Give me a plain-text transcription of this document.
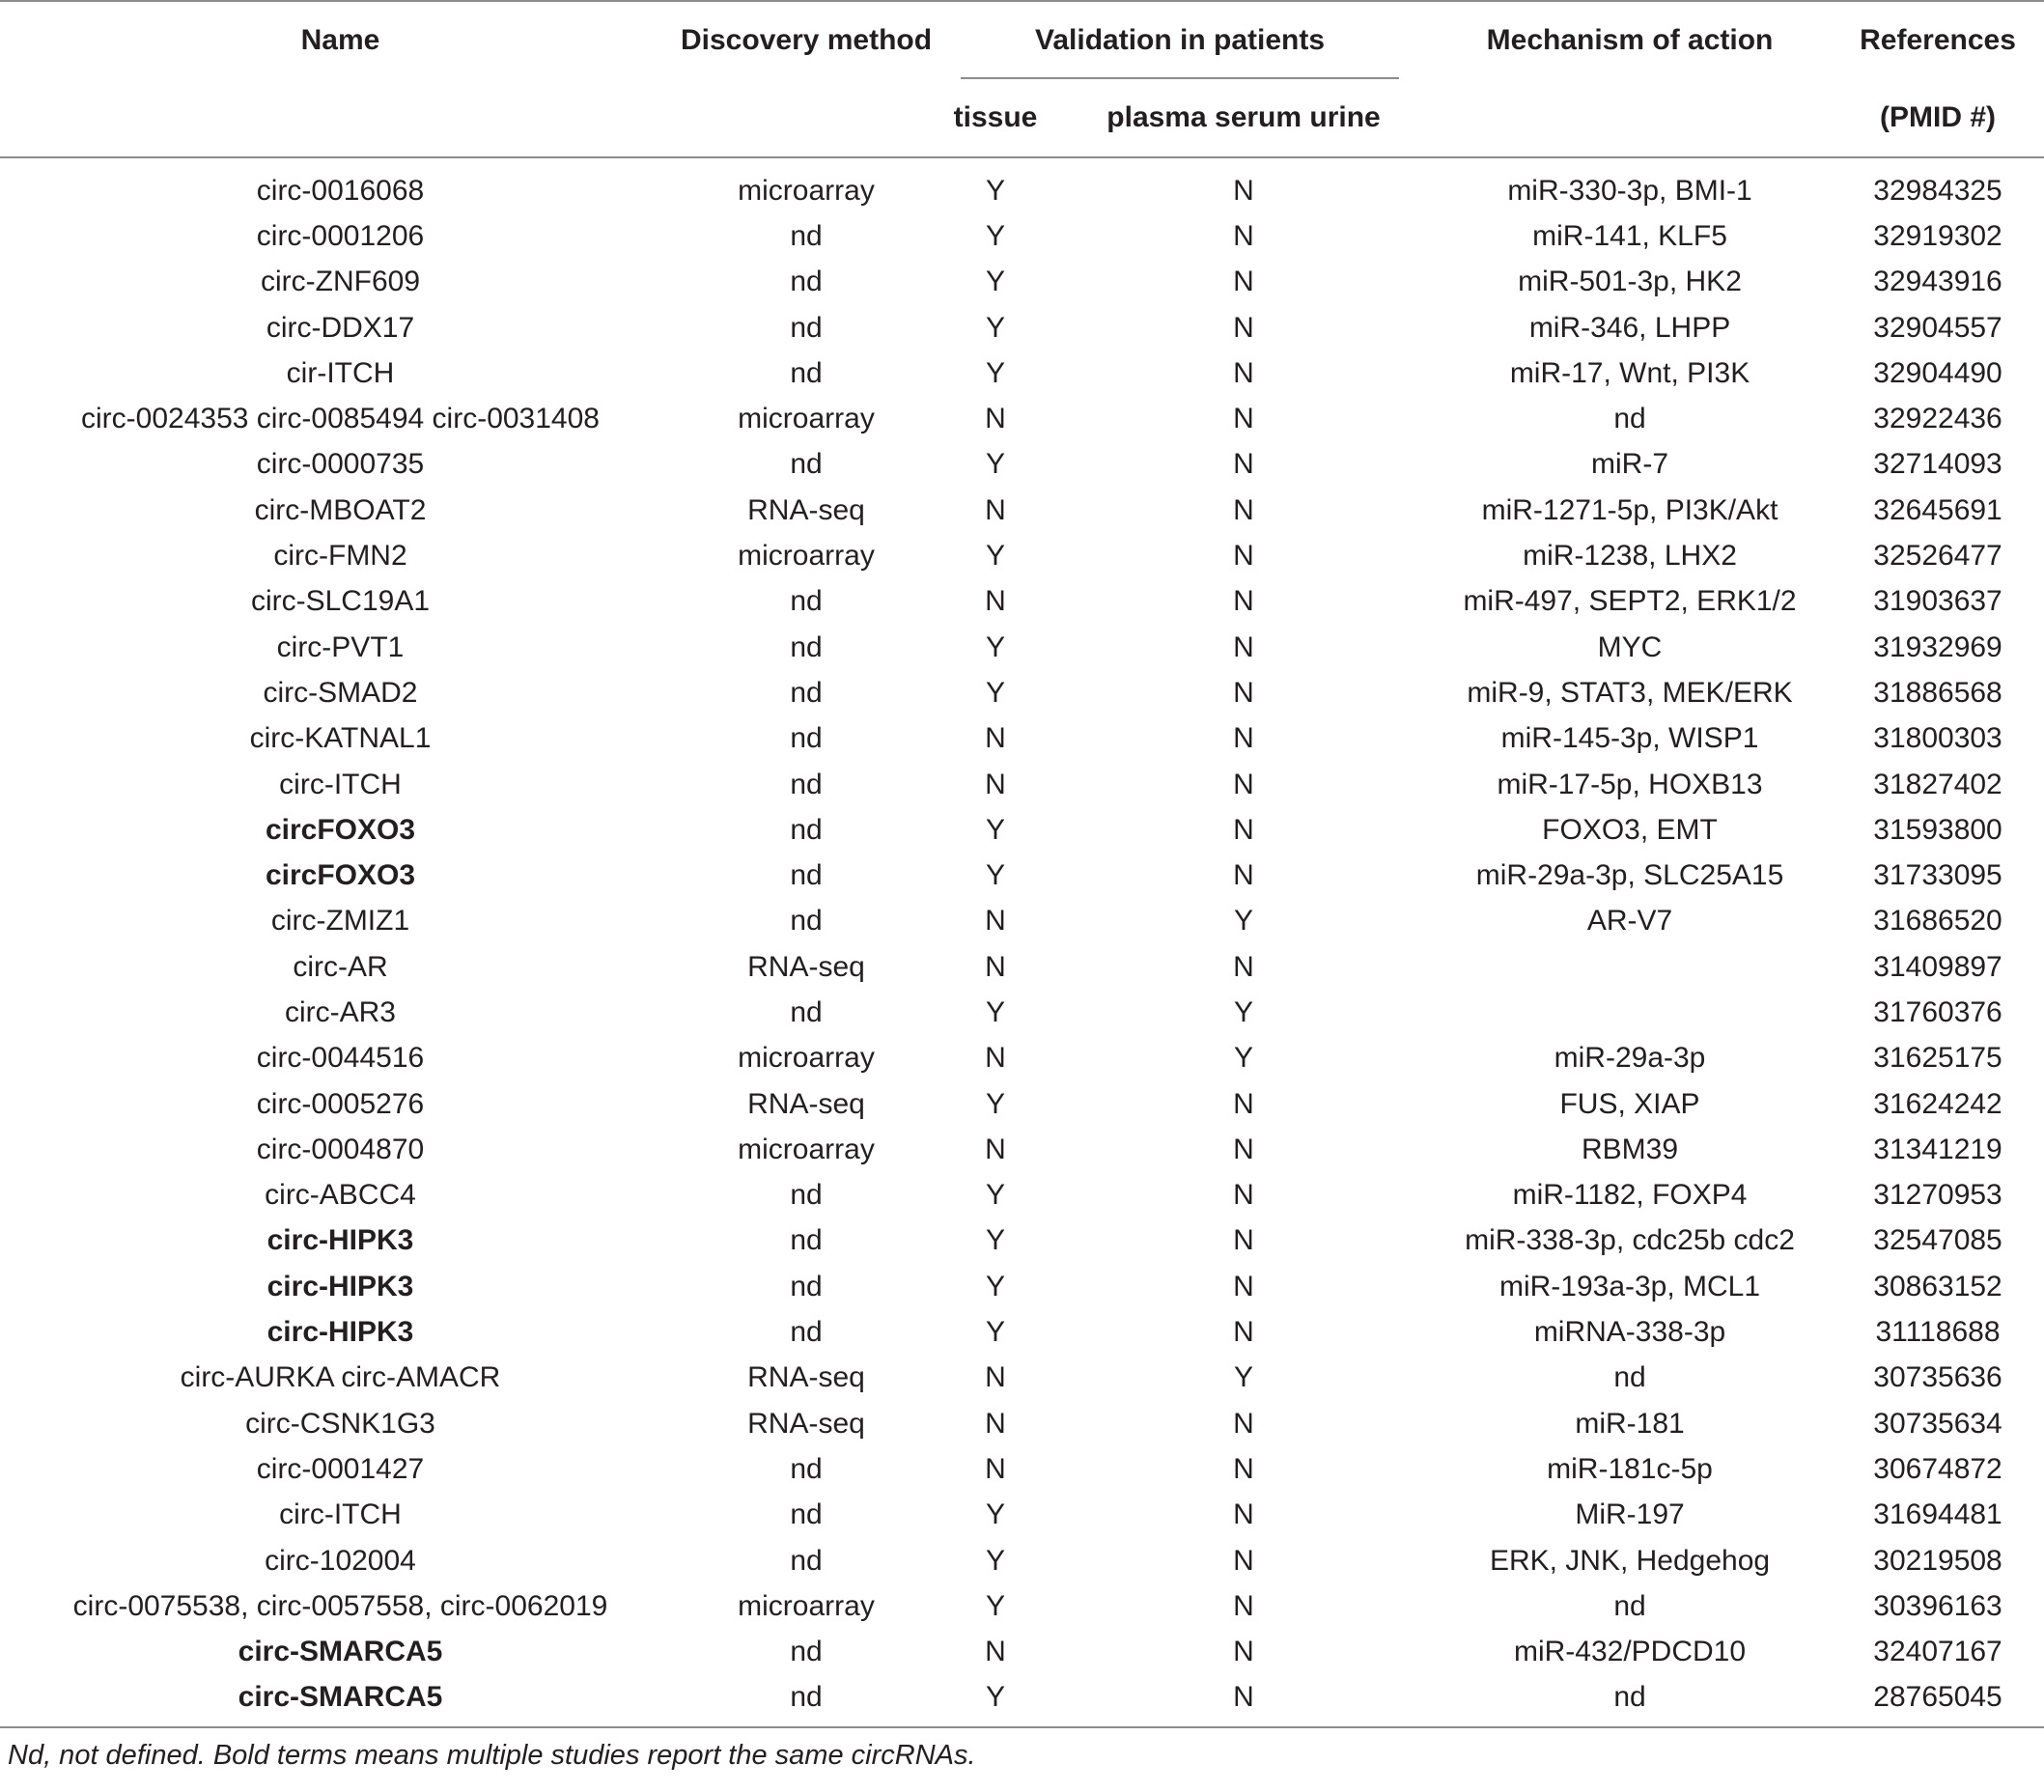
Name	Discovery method	Validation in patients		Mechanism of action	References
		tissue	plasma serum urine		(PMID #)
circ-0016068	microarray	Y	N	miR-330-3p, BMI-1	32984325
circ-0001206	nd	Y	N	miR-141, KLF5	32919302
circ-ZNF609	nd	Y	N	miR-501-3p, HK2	32943916
circ-DDX17	nd	Y	N	miR-346, LHPP	32904557
cir-ITCH	nd	Y	N	miR-17, Wnt, PI3K	32904490
circ-0024353 circ-0085494 circ-0031408	microarray	N	N	nd	32922436
circ-0000735	nd	Y	N	miR-7	32714093
circ-MBOAT2	RNA-seq	N	N	miR-1271-5p, PI3K/Akt	32645691
circ-FMN2	microarray	Y	N	miR-1238, LHX2	32526477
circ-SLC19A1	nd	N	N	miR-497, SEPT2, ERK1/2	31903637
circ-PVT1	nd	Y	N	MYC	31932969
circ-SMAD2	nd	Y	N	miR-9, STAT3, MEK/ERK	31886568
circ-KATNAL1	nd	N	N	miR-145-3p, WISP1	31800303
circ-ITCH	nd	N	N	miR-17-5p, HOXB13	31827402
circFOXO3	nd	Y	N	FOXO3, EMT	31593800
circFOXO3	nd	Y	N	miR-29a-3p, SLC25A15	31733095
circ-ZMIZ1	nd	N	Y	AR-V7	31686520
circ-AR	RNA-seq	N	N		31409897
circ-AR3	nd	Y	Y		31760376
circ-0044516	microarray	N	Y	miR-29a-3p	31625175
circ-0005276	RNA-seq	Y	N	FUS, XIAP	31624242
circ-0004870	microarray	N	N	RBM39	31341219
circ-ABCC4	nd	Y	N	miR-1182, FOXP4	31270953
circ-HIPK3	nd	Y	N	miR-338-3p, cdc25b cdc2	32547085
circ-HIPK3	nd	Y	N	miR-193a-3p, MCL1	30863152
circ-HIPK3	nd	Y	N	miRNA-338-3p	31118688
circ-AURKA circ-AMACR	RNA-seq	N	Y	nd	30735636
circ-CSNK1G3	RNA-seq	N	N	miR-181	30735634
circ-0001427	nd	N	N	miR-181c-5p	30674872
circ-ITCH	nd	Y	N	MiR-197	31694481
circ-102004	nd	Y	N	ERK, JNK, Hedgehog	30219508
circ-0075538, circ-0057558, circ-0062019	microarray	Y	N	nd	30396163
circ-SMARCA5	nd	N	N	miR-432/PDCD10	32407167
circ-SMARCA5	nd	Y	N	nd	28765045
Nd, not defined. Bold terms means multiple studies report the same circRNAs.
